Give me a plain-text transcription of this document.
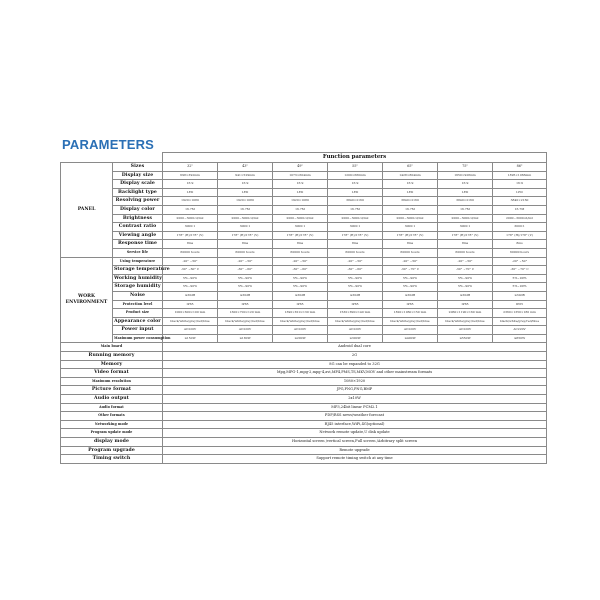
PARAMETERS
		Function parameters						
PANEL	Sizes	32"	43"	49"	55"	65"	75"	86"
	Display size	698×392mm	941×529mm	1073×604mm	1209×680mm	1428×804mm	1650×928mm	1895×1066mm
	Display scale	16:9	16:9	16:9	16:9	16:9	16:9	16:9
	Backlight type	LED	LED	LED	LED	LED	LED	LED
	Resolving power	1920×1080	1920×1080	1920×1080	3840×2160	3840×2160	3840×2160	3840×2160
	Display color	16.7M	16.7M	16.7M	16.7M	16.7M	16.7M	16.7M
	Brightness	2000~3000cd/m2	2000~3000cd/m2	2000~3000cd/m2	2000~3000cd/m2	2000~3000cd/m2	2000~3000cd/m2	2000~3000cd/m2
	Contrast ratio	3000:1	3000:1	3000:1	3000:1	3000:1	3000:1	3000:1
	Viewing angle	178° (H)/178° (V)	178° (H)/178° (V)	178° (H)/178° (V)	178° (H)/178° (V)	178° (H)/178° (V)	178° (H)/178° (V)	178° (H)/178° (V)
	Response time	8ms	8ms	8ms	8ms	8ms	8ms	8ms
	Service life	60000 hours	60000 hours	60000 hours	60000 hours	60000 hours	60000 hours	60000 hours
WORK ENVIRONMENT	Using temperature	-20° ~50°	-20° ~50°	-20° ~50°	-20° ~50°	-20° ~50°	-20° ~50°	-20° ~50°
	Storage temperature	-30° ~60° C	-30° ~60°	-30° ~60°	-30° ~60°	-30° ~70° C	-30° ~70° C	-30° ~70° C
	Working humidity	5%~90%	5%~90%	5%~90%	5%~90%	5%~90%	5%~90%	5%~90%
	Storage humidity	5%~90%	5%~90%	5%~90%	5%~90%	5%~90%	5%~90%	5%~90%
	Noise	≤30dB	≤30dB	≤30dB	≤30dB	≤30dB	≤30dB	≤30dB
	Protection level	IP65	IP65	IP65	IP65	IP65	IP65	IP65
	Product size	1000×600×100 mm	1300×700×120 mm	1390×810×130 mm	1530×890×140 mm	1820×1060×150 mm	2060×1190×160 mm	2360×1350×180 mm
	Appearance color	black/white/grey/red/blue	black/white/grey/red/blue	black/white/grey/red/blue	black/white/grey/red/blue	black/white/grey/red/blue	black/white/grey/red/blue	black/white/grey/red/blue
	Power input	AC220V	AC220V	AC220V	AC220V	AC220V	AC220V	AC220V
	Maximum power consumption	≤150W	≤180W	≤200W	≤300W	≤400W	≤550W	≤650W
Main board		Android dual core						
Running memory		2G						
Memory		8G can be expanded to 32G						
Video format		Mpg,MPG-1,mpg-2,mpg-4,avi,MP4,PMS,TS,MKV,MOV and other mainstream formats						
Maximum resolution		1080×1920						
Picture format		JPG,PNG,PNG,BMP						
Audio output		2x10W						
Audio format		MP3,24bit linear PCM2.1						
Other formats		PDF/RSS news/weather forecast						
Networking mode		RJ45 interface,WiFi,4G(optional)						
Program update mode		Network remote update,U disk update						
display mode		Horizontal screen /vertical screen,Full screen /Arbitrary split screen						
Program upgrade		Remote upgrade						
Timing switch		Support remote timing switch at any time						
